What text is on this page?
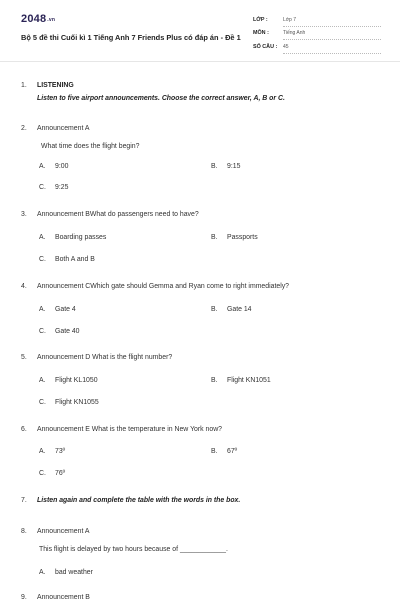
2048.vn
Bộ 5 đề thi Cuối kì 1 Tiếng Anh 7 Friends Plus có đáp án - Đề 1
LỚP :	Lớp 7
MÔN :	Tiếng Anh
SỐ CÂU : 45
1.	LISTENING
Listen to five airport announcements. Choose the correct answer, A, B or C.
2.	Announcement A
What time does the flight begin?
A. 9:00	B. 9:15
C. 9:25
3.	Announcement BWhat do passengers need to have?
A. Boarding passes	B. Passports
C. Both A and B
4.	Announcement CWhich gate should Gemma and Ryan come to right immediately?
A. Gate 4	B. Gate 14
C. Gate 40
5.	Announcement D What is the flight number?
A. Flight KL1050	B. Flight KN1051
C. Flight KN1055
6.	Announcement E What is the temperature in New York now?
A. 73º	B. 67º
C. 76º
7.	Listen again and complete the table with the words in the box.
8.	Announcement A
This flight is delayed by two hours because of ____________.
A. bad weather
9.	Announcement B
